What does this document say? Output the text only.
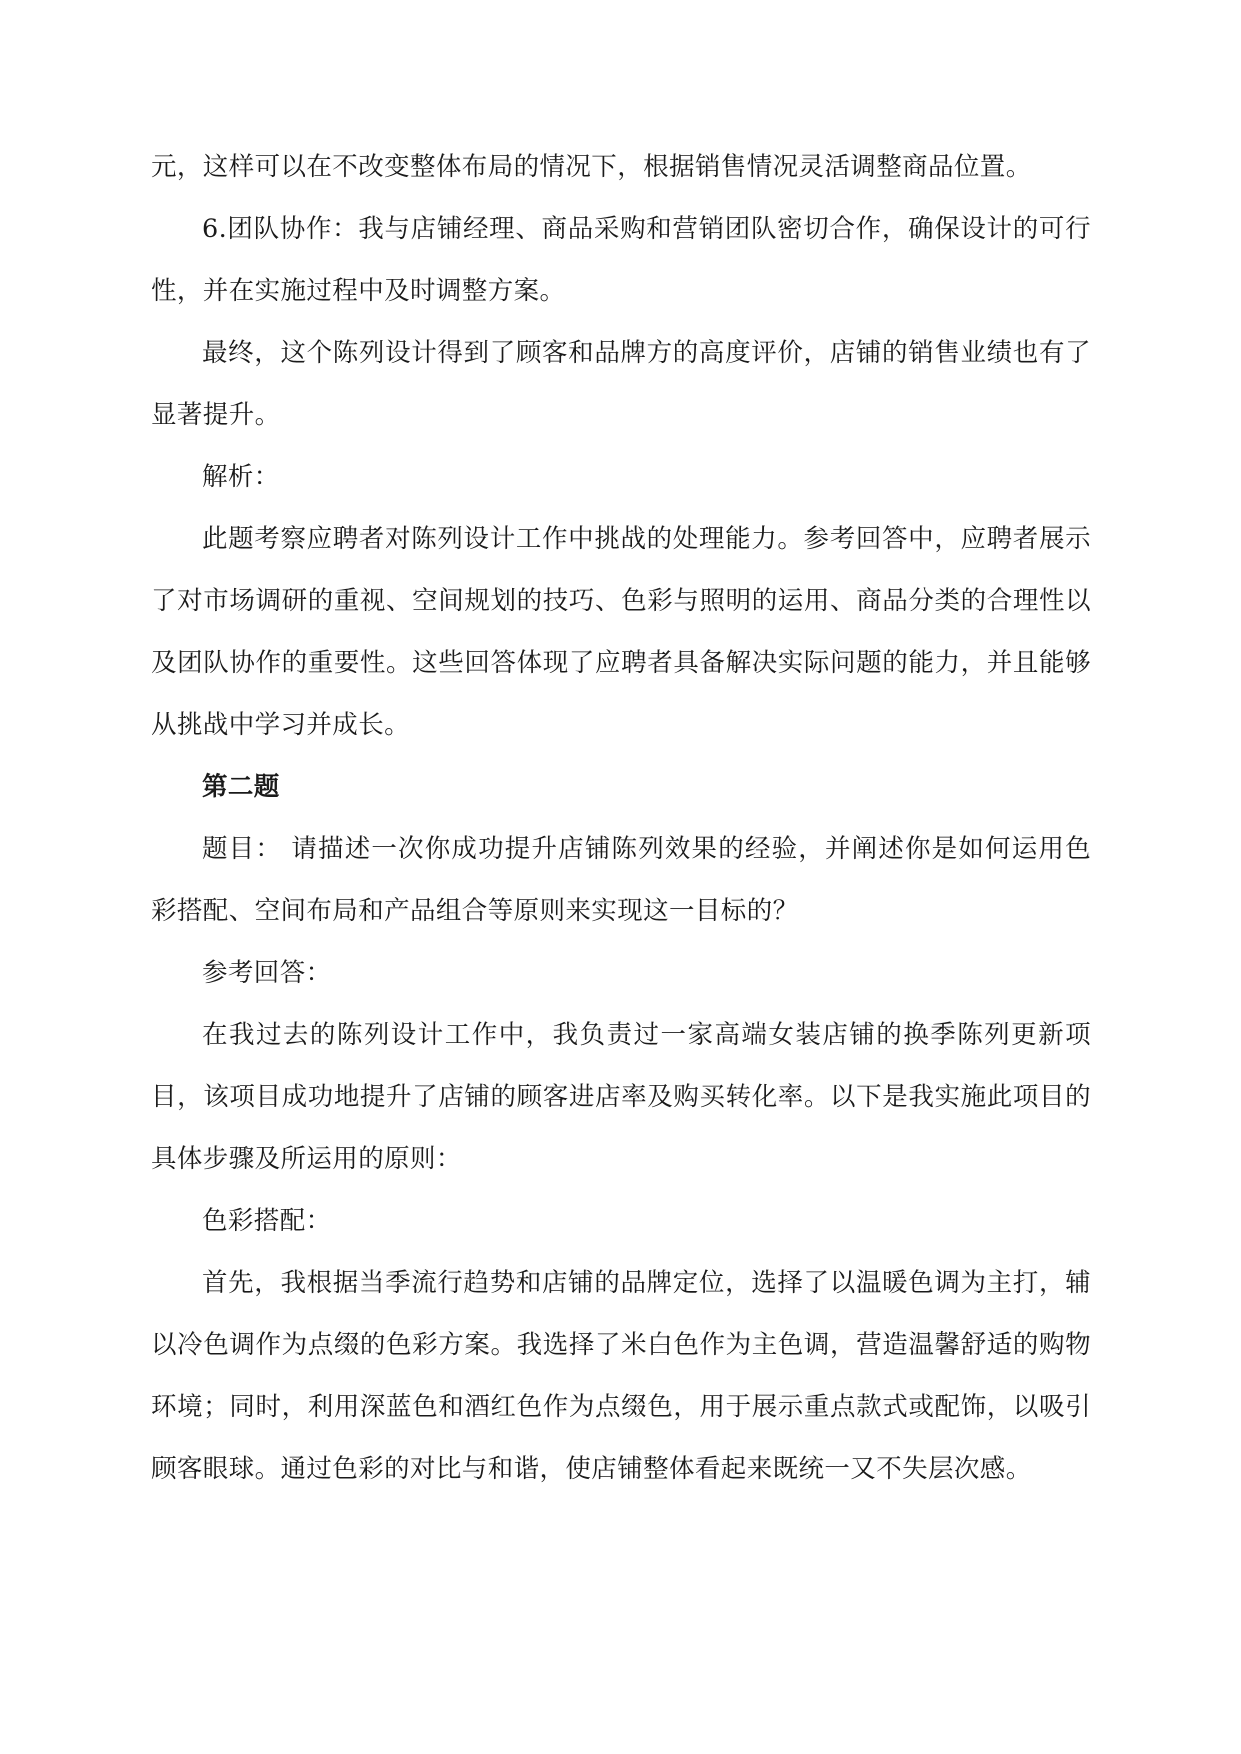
元，这样可以在不改变整体布局的情况下，根据销售情况灵活调整商品位置。

6.团队协作：我与店铺经理、商品采购和营销团队密切合作，确保设计的可行性，并在实施过程中及时调整方案。

最终，这个陈列设计得到了顾客和品牌方的高度评价，店铺的销售业绩也有了显著提升。

解析：

此题考察应聘者对陈列设计工作中挑战的处理能力。参考回答中，应聘者展示了对市场调研的重视、空间规划的技巧、色彩与照明的运用、商品分类的合理性以及团队协作的重要性。这些回答体现了应聘者具备解决实际问题的能力，并且能够从挑战中学习并成长。

第二题

题目： 请描述一次你成功提升店铺陈列效果的经验，并阐述你是如何运用色彩搭配、空间布局和产品组合等原则来实现这一目标的？

参考回答：

在我过去的陈列设计工作中，我负责过一家高端女装店铺的换季陈列更新项目，该项目成功地提升了店铺的顾客进店率及购买转化率。以下是我实施此项目的具体步骤及所运用的原则：

色彩搭配：

首先，我根据当季流行趋势和店铺的品牌定位，选择了以温暖色调为主打，辅以冷色调作为点缀的色彩方案。我选择了米白色作为主色调，营造温馨舒适的购物环境；同时，利用深蓝色和酒红色作为点缀色，用于展示重点款式或配饰，以吸引顾客眼球。通过色彩的对比与和谐，使店铺整体看起来既统一又不失层次感。
